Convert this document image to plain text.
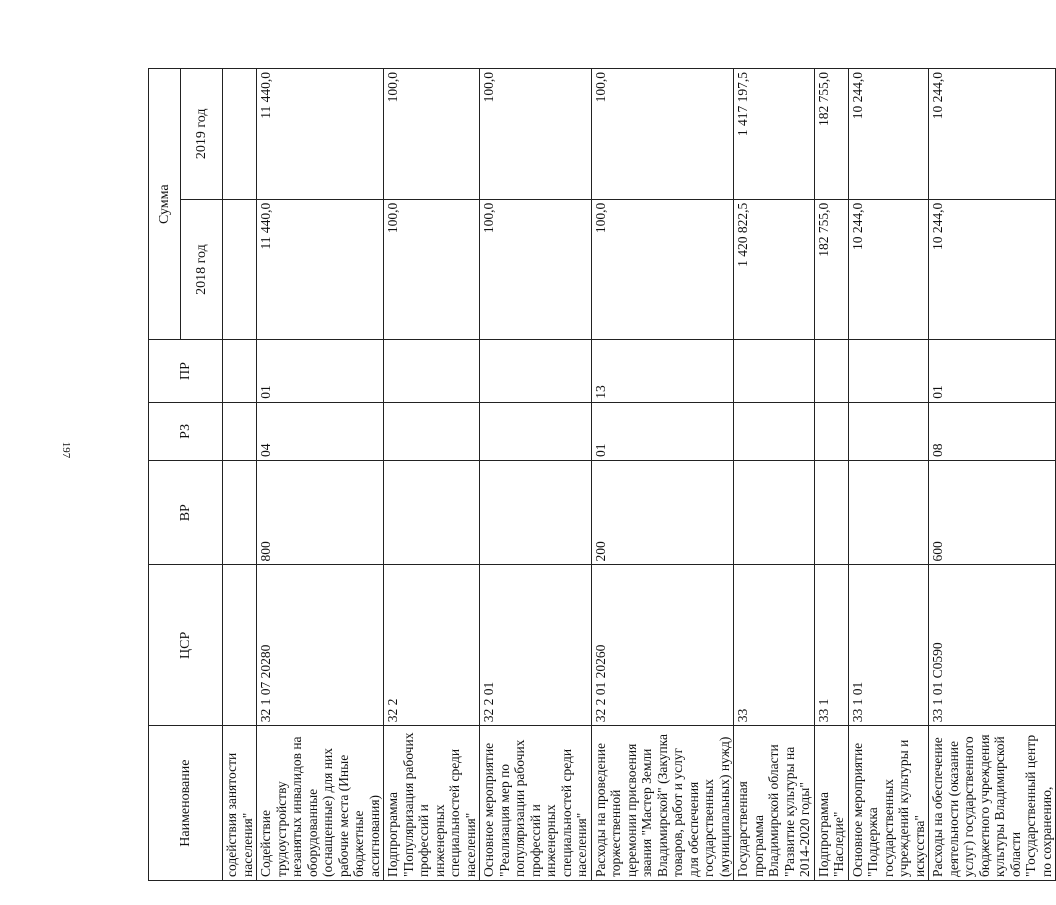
197
Наименование	ЦСР	ВР	РЗ	ПР	Сумма	
					2018 год	2019 год
содействия занятости населения"						
Содействие трудоустройству незанятых инвалидов на оборудованные (оснащенные) для них рабочие места (Иные бюджетные ассигнования)	32 1 07 20280	800	04	01	11 440,0	11 440,0
Подпрограмма "Популяризация рабочих профессий и инженерных специальностей среди населения"	32 2				100,0	100,0
Основное мероприятие "Реализация мер по популяризации рабочих профессий и инженерных специальностей среди населения"	32 2 01				100,0	100,0
Расходы на проведение торжественной церемонии присвоения звания "Мастер Земли Владимирской" (Закупка товаров, работ и услуг для обеспечения государственных (муниципальных) нужд)	32 2 01 20260	200	01	13	100,0	100,0
Государственная программа Владимирской области "Развитие культуры на 2014-2020 годы"	33				1 420 822,5	1 417 197,5
Подпрограмма "Наследие"	33 1				182 755,0	182 755,0
Основное мероприятие "Поддержка государственных учреждений культуры и искусства"	33 1 01				10 244,0	10 244,0
Расходы на обеспечение деятельности (оказание услуг) государственного бюджетного учреждения культуры Владимирской области "Государственный центр по сохранению,	33 1 01 С0590	600	08	01	10 244,0	10 244,0
